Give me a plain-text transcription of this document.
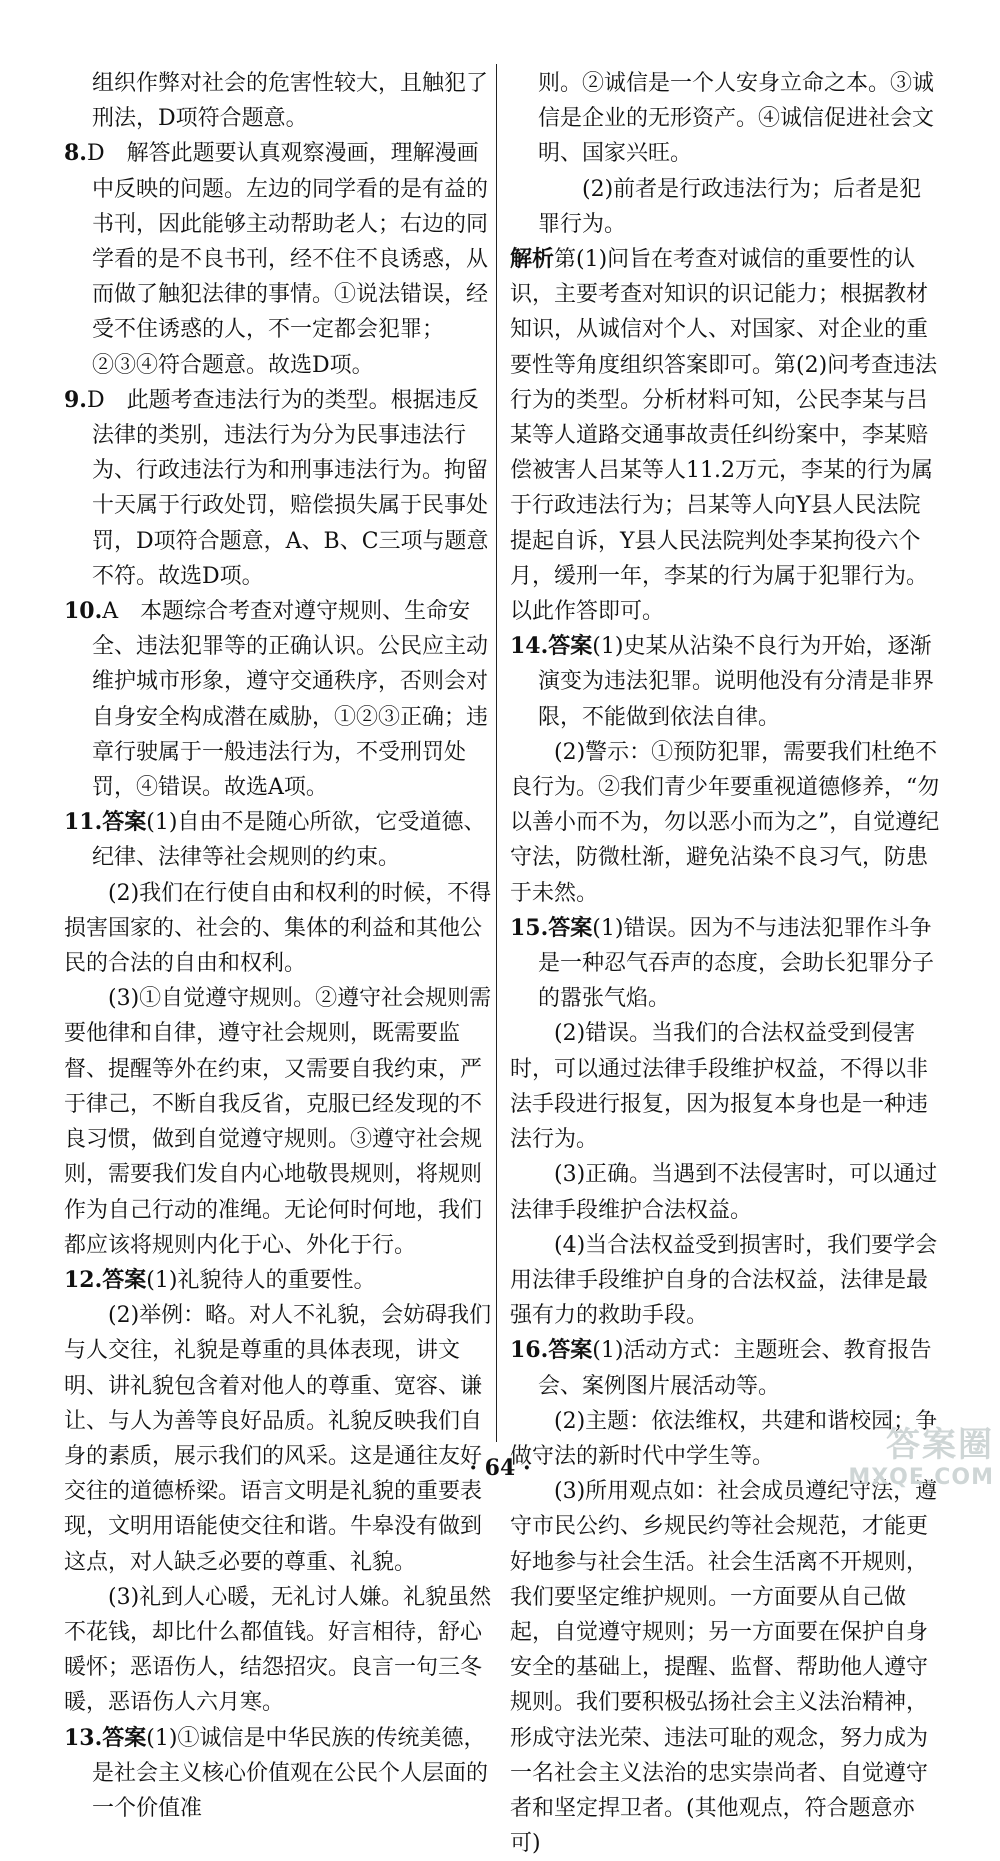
组织作弊对社会的危害性较大，且触犯了刑法，D项符合题意。
8.D　解答此题要认真观察漫画，理解漫画中反映的问题。左边的同学看的是有益的书刊，因此能够主动帮助老人；右边的同学看的是不良书刊，经不住不良诱惑，从而做了触犯法律的事情。①说法错误，经受不住诱惑的人，不一定都会犯罪；②③④符合题意。故选D项。
9.D　此题考查违法行为的类型。根据违反法律的类别，违法行为分为民事违法行为、行政违法行为和刑事违法行为。拘留十天属于行政处罚，赔偿损失属于民事处罚，D项符合题意，A、B、C三项与题意不符。故选D项。
10.A　本题综合考查对遵守规则、生命安全、违法犯罪等的正确认识。公民应主动维护城市形象，遵守交通秩序，否则会对自身安全构成潜在威胁，①②③正确；违章行驶属于一般违法行为，不受刑罚处罚，④错误。故选A项。
11.答案(1)自由不是随心所欲，它受道德、纪律、法律等社会规则的约束。
(2)我们在行使自由和权利的时候，不得损害国家的、社会的、集体的利益和其他公民的合法的自由和权利。
(3)①自觉遵守规则。②遵守社会规则需要他律和自律，遵守社会规则，既需要监督、提醒等外在约束，又需要自我约束，严于律己，不断自我反省，克服已经发现的不良习惯，做到自觉遵守规则。③遵守社会规则，需要我们发自内心地敬畏规则，将规则作为自己行动的准绳。无论何时何地，我们都应该将规则内化于心、外化于行。
12.答案(1)礼貌待人的重要性。
(2)举例：略。对人不礼貌，会妨碍我们与人交往，礼貌是尊重的具体表现，讲文明、讲礼貌包含着对他人的尊重、宽容、谦让、与人为善等良好品质。礼貌反映我们自身的素质，展示我们的风采。这是通往友好交往的道德桥梁。语言文明是礼貌的重要表现，文明用语能使交往和谐。牛皋没有做到这点，对人缺乏必要的尊重、礼貌。
(3)礼到人心暖，无礼讨人嫌。礼貌虽然不花钱，却比什么都值钱。好言相待，舒心暖怀；恶语伤人，结怨招灾。良言一句三冬暖，恶语伤人六月寒。
13.答案(1)①诚信是中华民族的传统美德，是社会主义核心价值观在公民个人层面的一个价值准
则。②诚信是一个人安身立命之本。③诚信是企业的无形资产。④诚信促进社会文明、国家兴旺。
(2)前者是行政违法行为；后者是犯罪行为。
解析第(1)问旨在考查对诚信的重要性的认识，主要考查对知识的识记能力；根据教材知识，从诚信对个人、对国家、对企业的重要性等角度组织答案即可。第(2)问考查违法行为的类型。分析材料可知，公民李某与吕某等人道路交通事故责任纠纷案中，李某赔偿被害人吕某等人11.2万元，李某的行为属于行政违法行为；吕某等人向Y县人民法院提起自诉，Y县人民法院判处李某拘役六个月，缓刑一年，李某的行为属于犯罪行为。以此作答即可。
14.答案(1)史某从沾染不良行为开始，逐渐演变为违法犯罪。说明他没有分清是非界限，不能做到依法自律。
(2)警示：①预防犯罪，需要我们杜绝不良行为。②我们青少年要重视道德修养，“勿以善小而不为，勿以恶小而为之”，自觉遵纪守法，防微杜渐，避免沾染不良习气，防患于未然。
15.答案(1)错误。因为不与违法犯罪作斗争是一种忍气吞声的态度，会助长犯罪分子的嚣张气焰。
(2)错误。当我们的合法权益受到侵害时，可以通过法律手段维护权益，不得以非法手段进行报复，因为报复本身也是一种违法行为。
(3)正确。当遇到不法侵害时，可以通过法律手段维护合法权益。
(4)当合法权益受到损害时，我们要学会用法律手段维护自身的合法权益，法律是最强有力的救助手段。
16.答案(1)活动方式：主题班会、教育报告会、案例图片展活动等。
(2)主题：依法维权，共建和谐校园；争做守法的新时代中学生等。
(3)所用观点如：社会成员遵纪守法，遵守市民公约、乡规民约等社会规范，才能更好地参与社会生活。社会生活离不开规则，我们要坚定维护规则。一方面要从自己做起，自觉遵守规则；另一方面要在保护自身安全的基础上，提醒、监督、帮助他人遵守规则。我们要积极弘扬社会主义法治精神，形成守法光荣、违法可耻的观念，努力成为一名社会主义法治的忠实崇尚者、自觉遵守者和坚定捍卫者。(其他观点，符合题意亦可)
· 64 ·
答案圈
MXQE.COM
